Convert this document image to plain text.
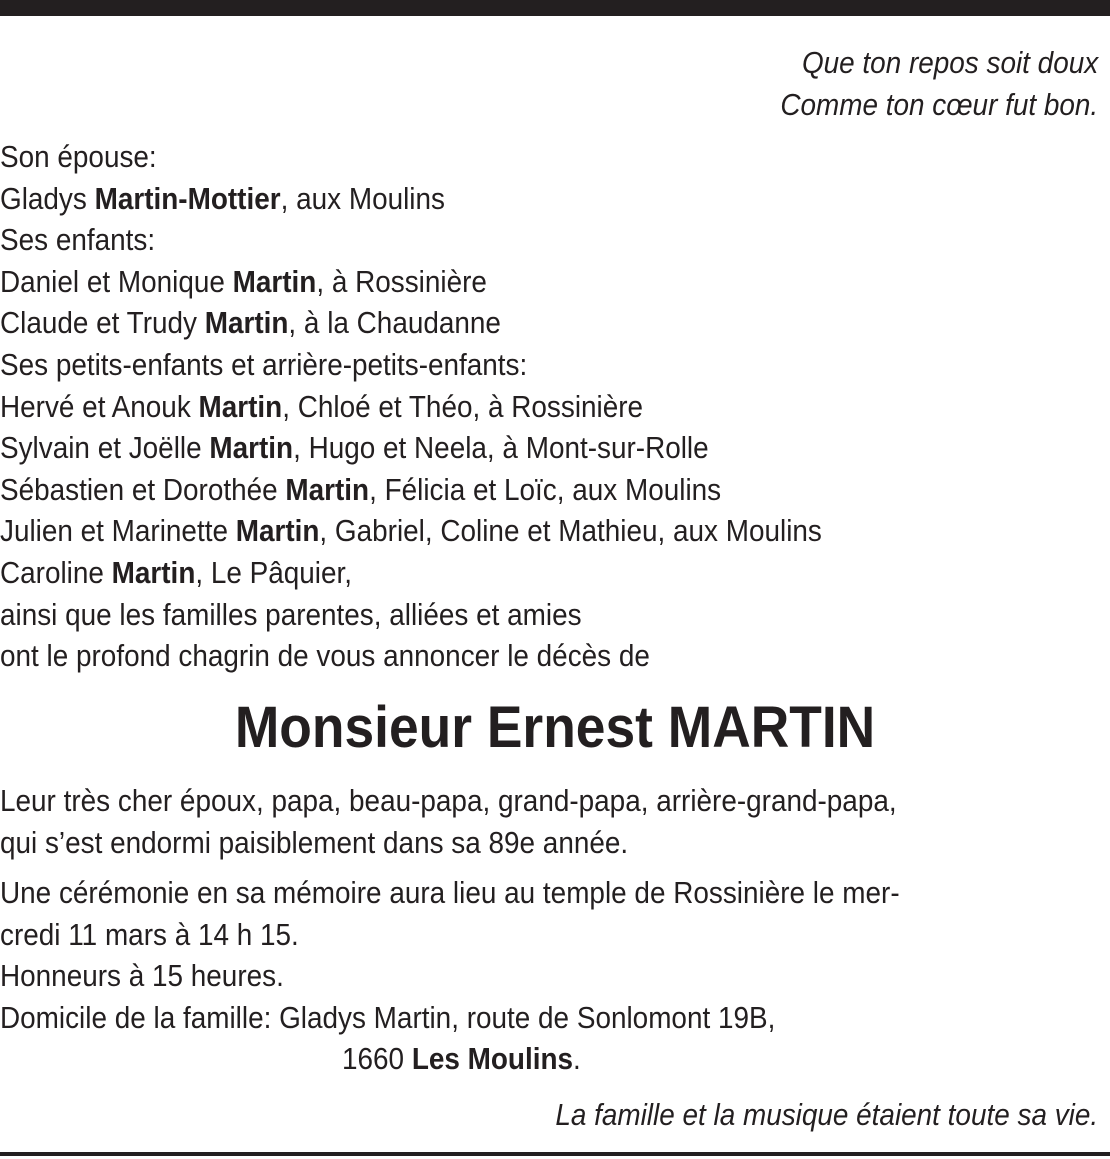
Que ton repos soit doux
Comme ton cœur fut bon.
Son épouse:
Gladys Martin-Mottier, aux Moulins
Ses enfants:
Daniel et Monique Martin, à Rossinière
Claude et Trudy Martin, à la Chaudanne
Ses petits-enfants et arrière-petits-enfants:
Hervé et Anouk Martin, Chloé et Théo, à Rossinière
Sylvain et Joëlle Martin, Hugo et Neela, à Mont-sur-Rolle
Sébastien et Dorothée Martin, Félicia et Loïc, aux Moulins
Julien et Marinette Martin, Gabriel, Coline et Mathieu, aux Moulins
Caroline Martin, Le Pâquier,
ainsi que les familles parentes, alliées et amies
ont le profond chagrin de vous annoncer le décès de
Monsieur Ernest MARTIN
Leur très cher époux, papa, beau-papa, grand-papa, arrière-grand-papa,
qui s’est endormi paisiblement dans sa 89e année.
Une cérémonie en sa mémoire aura lieu au temple de Rossinière le mer-
credi 11 mars à 14 h 15.
Honneurs à 15 heures.
Domicile de la famille: Gladys Martin, route de Sonlomont 19B,
1660 Les Moulins.
La famille et la musique étaient toute sa vie.
